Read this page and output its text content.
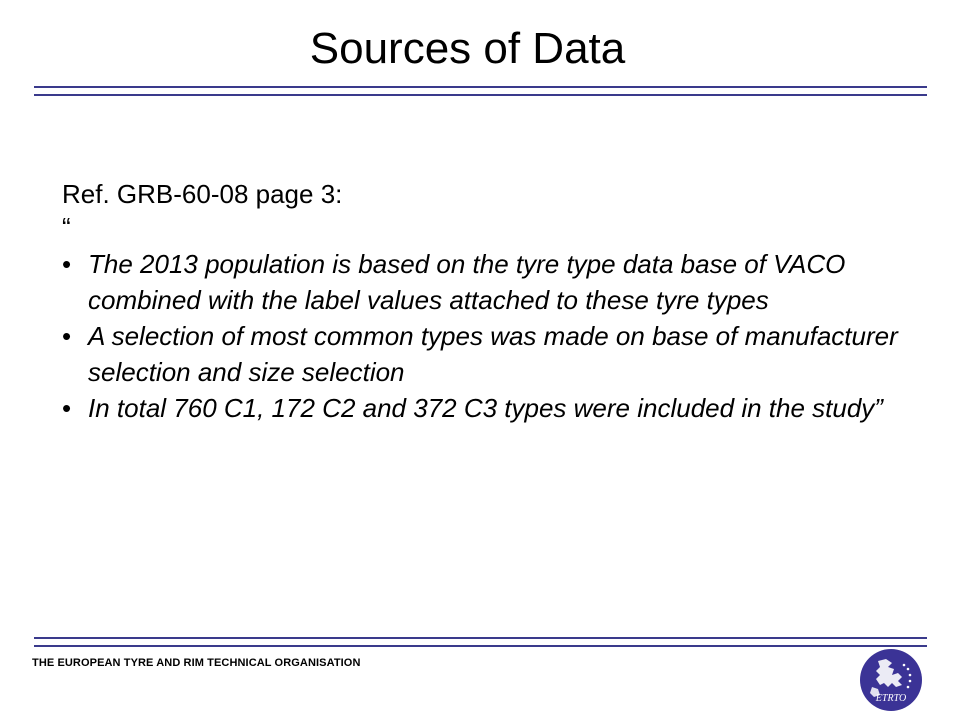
Sources of Data

Ref. GRB-60-08 page 3:

“

• The 2013 population is based on the tyre type data base of VACO combined with the label values attached to these tyre types
• A selection of most common types was made on base of manufacturer selection and size selection
• In total 760 C1, 172 C2 and 372 C3 types were included in the study”
THE EUROPEAN TYRE AND RIM TECHNICAL ORGANISATION
ETRTO
